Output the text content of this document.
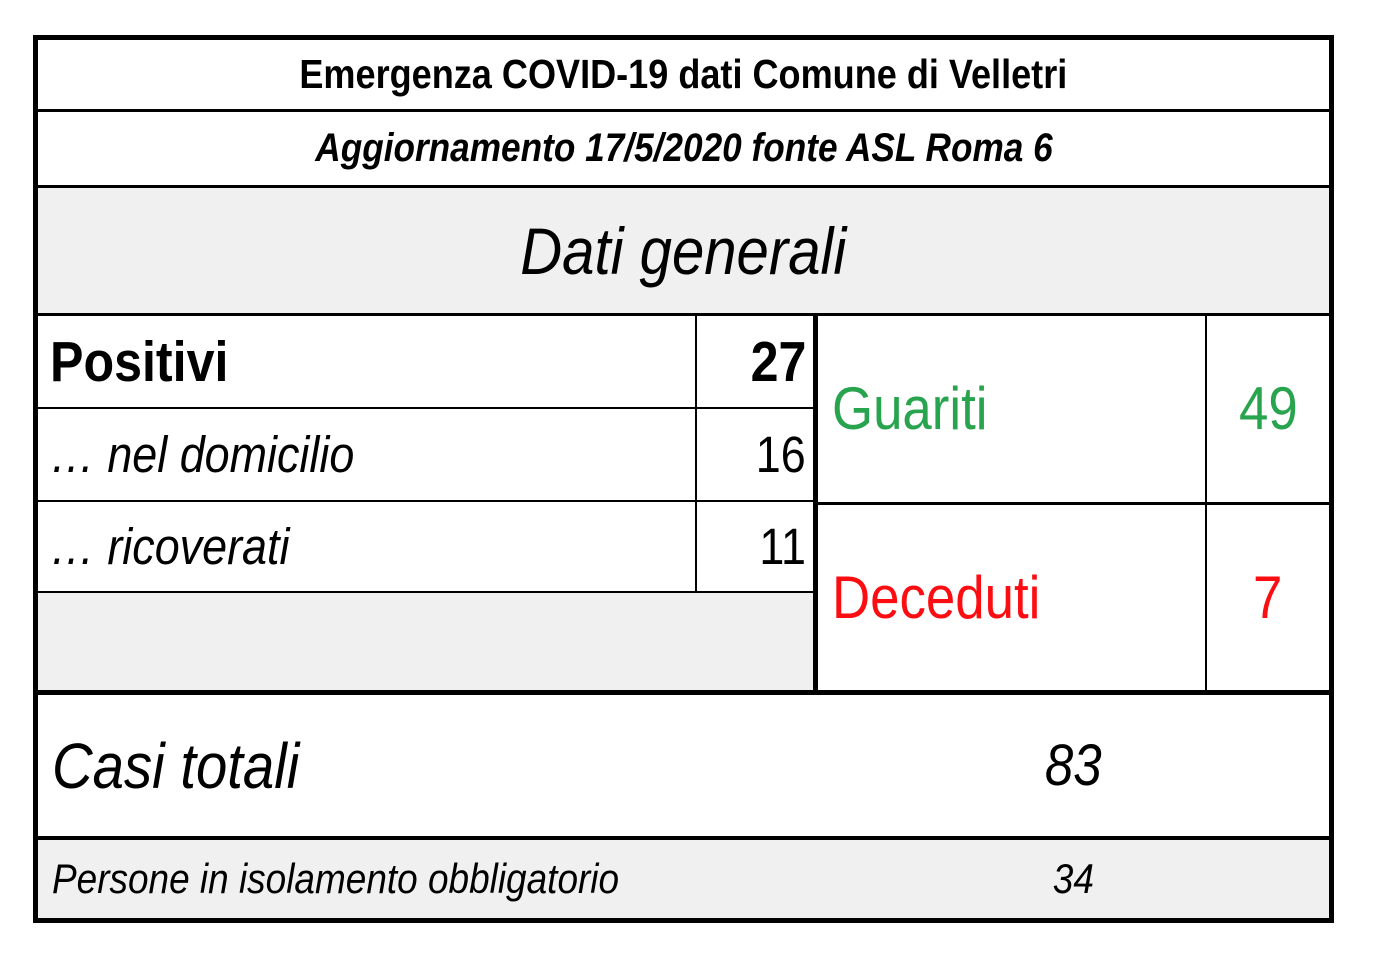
Emergenza COVID-19 dati Comune di Velletri
Aggiornamento 17/5/2020 fonte ASL Roma 6
Dati generali
Positivi	27
… nel domicilio	16
… ricoverati	11
Guariti	49
Deceduti	7
Casi totali	83
Persone in isolamento obbligatorio	34
